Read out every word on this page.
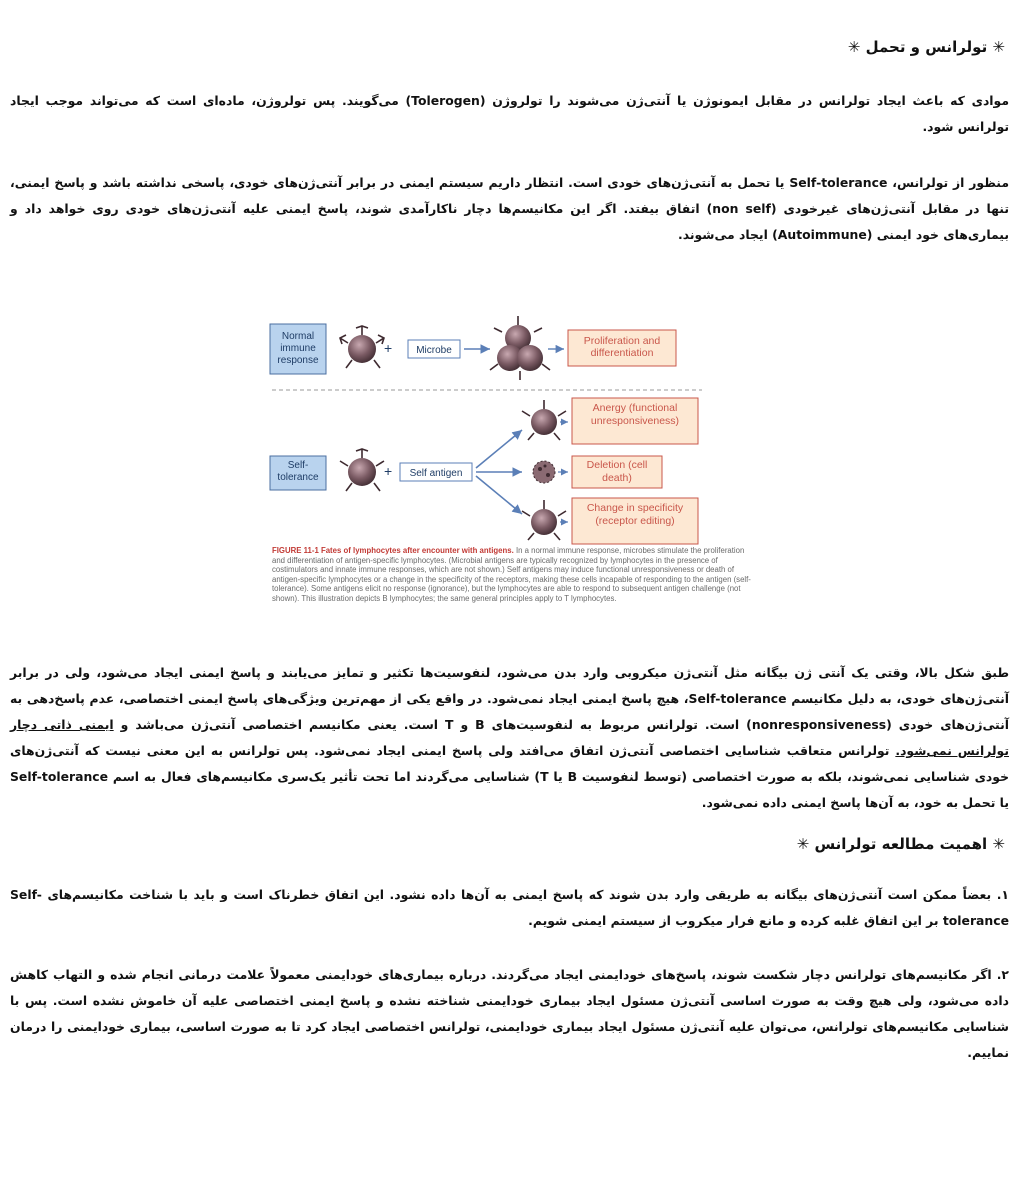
✳ تولرانس و تحمل ✳

موادی که باعث ایجاد تولرانس در مقابل ایمونوژن یا آنتی‌ژن می‌شوند را تولروژن (Tolerogen) می‌گویند. پس تولروژن، ماده‌ای است که می‌تواند موجب ایجاد تولرانس شود.

منظور از تولرانس، Self-tolerance یا تحمل به آنتی‌ژن‌های خودی است. انتظار داریم سیستم ایمنی در برابر آنتی‌ژن‌های خودی، پاسخی نداشته باشد و پاسخ ایمنی، تنها در مقابل آنتی‌ژن‌های غیرخودی (non self) اتفاق بیفتد. اگر این مکانیسم‌ها دچار ناکارآمدی شوند، پاسخ ایمنی علیه آنتی‌ژن‌های خودی روی خواهد داد و بیماری‌های خود ایمنی (Autoimmune) ایجاد می‌شوند.

Normal immune response
+ Microbe
Proliferation and differentiation
Self-tolerance	+ Self antigen
Anergy (functional unresponsiveness)
Deletion (cell death)
Change in specificity (receptor editing)
FIGURE 11-1 Fates of lymphocytes after encounter with antigens. In a normal immune response, microbes stimulate the proliferation and differentiation of antigen-specific lymphocytes. (Microbial antigens are typically recognized by lymphocytes in the presence of costimulators and innate immune responses, which are not shown.) Self antigens may induce functional unresponsiveness or death of antigen-specific lymphocytes or a change in the specificity of the receptors, making these cells incapable of responding to the antigen (self-tolerance). Some antigens elicit no response (ignorance), but the lymphocytes are able to respond to subsequent antigen challenge (not shown). This illustration depicts B lymphocytes; the same general principles apply to T lymphocytes.

طبق شکل بالا، وقتی یک آنتی ژن بیگانه مثل آنتی‌ژن میکروبی وارد بدن می‌شود، لنفوسیت‌ها تکثیر و تمایز می‌یابند و پاسخ ایمنی ایجاد می‌شود، ولی در برابر آنتی‌ژن‌های خودی، به دلیل مکانیسم Self-tolerance، هیچ پاسخ ایمنی ایجاد نمی‌شود. در واقع یکی از مهم‌ترین ویژگی‌های پاسخ ایمنی اختصاصی، عدم پاسخ‌دهی به آنتی‌ژن‌های خودی (nonresponsiveness) است. تولرانس مربوط به لنفوسیت‌های B و T است. یعنی مکانیسم اختصاصی آنتی‌ژن می‌باشد و ایمنی ذاتی دچار تولرانس نمی‌شود. تولرانس متعاقب شناسایی اختصاصی آنتی‌ژن اتفاق می‌افتد ولی پاسخ ایمنی ایجاد نمی‌شود. پس تولرانس به این معنی نیست که آنتی‌ژن‌های خودی شناسایی نمی‌شوند، بلکه به صورت اختصاصی (توسط لنفوسیت B یا T) شناسایی می‌گردند اما تحت تأثیر یک‌سری مکانیسم‌های فعال به اسم Self-tolerance یا تحمل به خود، به آن‌ها پاسخ ایمنی داده نمی‌شود.

✳ اهمیت مطالعه تولرانس ✳

۱. بعضاً ممکن است آنتی‌ژن‌های بیگانه به طریقی وارد بدن شوند که پاسخ ایمنی به آن‌ها داده نشود. این اتفاق خطرناک است و باید با شناخت مکانیسم‌های Self-tolerance بر این اتفاق غلبه کرده و مانع فرار میکروب از سیستم ایمنی شویم.

۲. اگر مکانیسم‌های تولرانس دچار شکست شوند، پاسخ‌های خودایمنی ایجاد می‌گردند. درباره بیماری‌های خودایمنی معمولاً علامت درمانی انجام شده و التهاب کاهش داده می‌شود، ولی هیچ وقت به صورت اساسی آنتی‌ژن مسئول ایجاد بیماری خودایمنی شناخته نشده و پاسخ ایمنی اختصاصی علیه آن خاموش نشده است. پس با شناسایی مکانیسم‌های تولرانس، می‌توان علیه آنتی‌ژن مسئول ایجاد بیماری خودایمنی، تولرانس اختصاصی ایجاد کرد تا به صورت اساسی، بیماری خودایمنی را درمان نماییم.
